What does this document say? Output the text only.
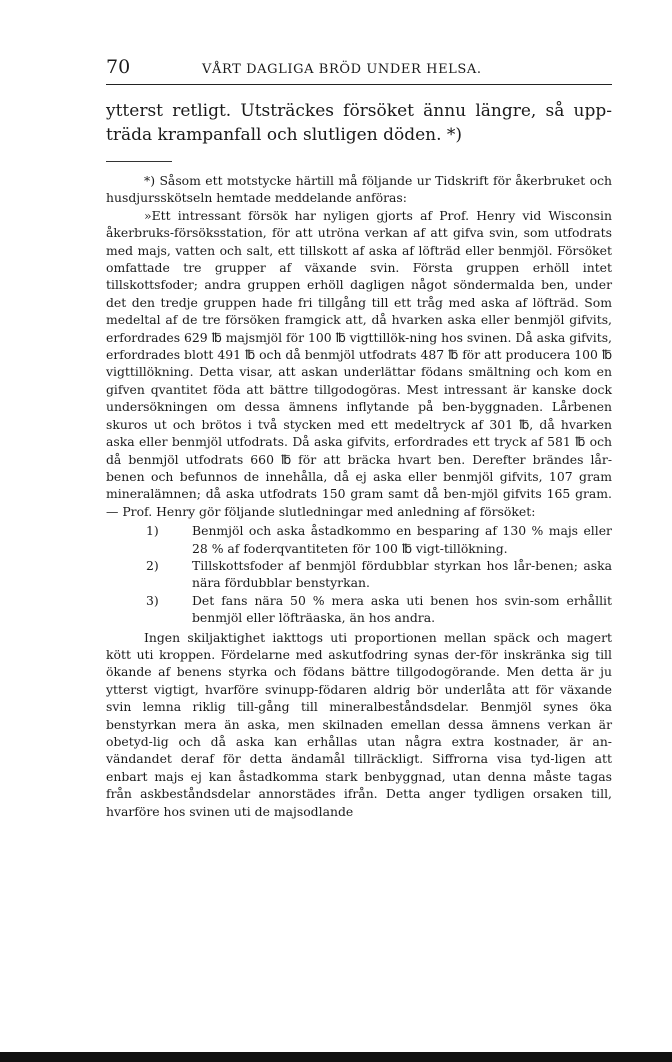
70	VÅRT DAGLIGA BRÖD UNDER HELSA.
ytterst retligt. Utsträckes försöket ännu längre, så upp-träda krampanfall och slutligen döden. *)

*) Såsom ett motstycke härtill må följande ur Tidskrift för åkerbruket och husdjursskötseln hemtade meddelande anföras:

»Ett intressant försök har nyligen gjorts af Prof. Henry vid Wisconsin åkerbruks-försöksstation, för att utröna verkan af att gifva svin, som utfodrats med majs, vatten och salt, ett tillskott af aska af löfträd eller benmjöl. Försöket omfattade tre grupper af växande svin. Första gruppen erhöll intet tillskottsfoder; andra gruppen erhöll dagligen något söndermalda ben, under det den tredje gruppen hade fri tillgång till ett tråg med aska af löfträd. Som medeltal af de tre försöken framgick att, då hvarken aska eller benmjöl gifvits, erfordrades 629 ℔ majsmjöl för 100 ℔ vigttillök-ning hos svinen. Då aska gifvits, erfordrades blott 491 ℔ och då benmjöl utfodrats 487 ℔ för att producera 100 ℔ vigttillökning. Detta visar, att askan underlättar födans smältning och kom en gifven qvantitet föda att bättre tillgodogöras. Mest intressant är kanske dock undersökningen om dessa ämnens inflytande på ben-byggnaden. Lårbenen skuros ut och brötos i två stycken med ett medeltryck af 301 ℔, då hvarken aska eller benmjöl utfodrats. Då aska gifvits, erfordrades ett tryck af 581 ℔ och då benmjöl utfodrats 660 ℔ för att bräcka hvart ben. Derefter brändes lår-benen och befunnos de innehålla, då ej aska eller benmjöl gifvits, 107 gram mineralämnen; då aska utfodrats 150 gram samt då ben-mjöl gifvits 165 gram. — Prof. Henry gör följande slutledningar med anledning af försöket:

1)	Benmjöl och aska åstadkommo en besparing af 130 % majs eller 28 % af foderqvantiteten för 100 ℔ vigt-tillökning.
2)	Tillskottsfoder af benmjöl fördubblar styrkan hos lår-benen; aska nära fördubblar benstyrkan.
3)	Det fans nära 50 % mera aska uti benen hos svin-som erhållit benmjöl eller löfträaska, än hos andra.

Ingen skiljaktighet iakttogs uti proportionen mellan späck och magert kött uti kroppen. Fördelarne med askutfodring synas der-för inskränka sig till ökande af benens styrka och födans bättre tillgodogörande. Men detta är ju ytterst vigtigt, hvarföre svinupp-födaren aldrig bör underlåta att för växande svin lemna riklig till-gång till mineralbeståndsdelar. Benmjöl synes öka benstyrkan mera än aska, men skilnaden emellan dessa ämnens verkan är obetyd-lig och då aska kan erhållas utan några extra kostnader, är an-vändandet deraf för detta ändamål tillräckligt. Siffrorna visa tyd-ligen att enbart majs ej kan åstadkomma stark benbyggnad, utan denna måste tagas från askbeståndsdelar annorstädes ifrån. Detta anger tydligen orsaken till, hvarföre hos svinen uti de majsodlande
